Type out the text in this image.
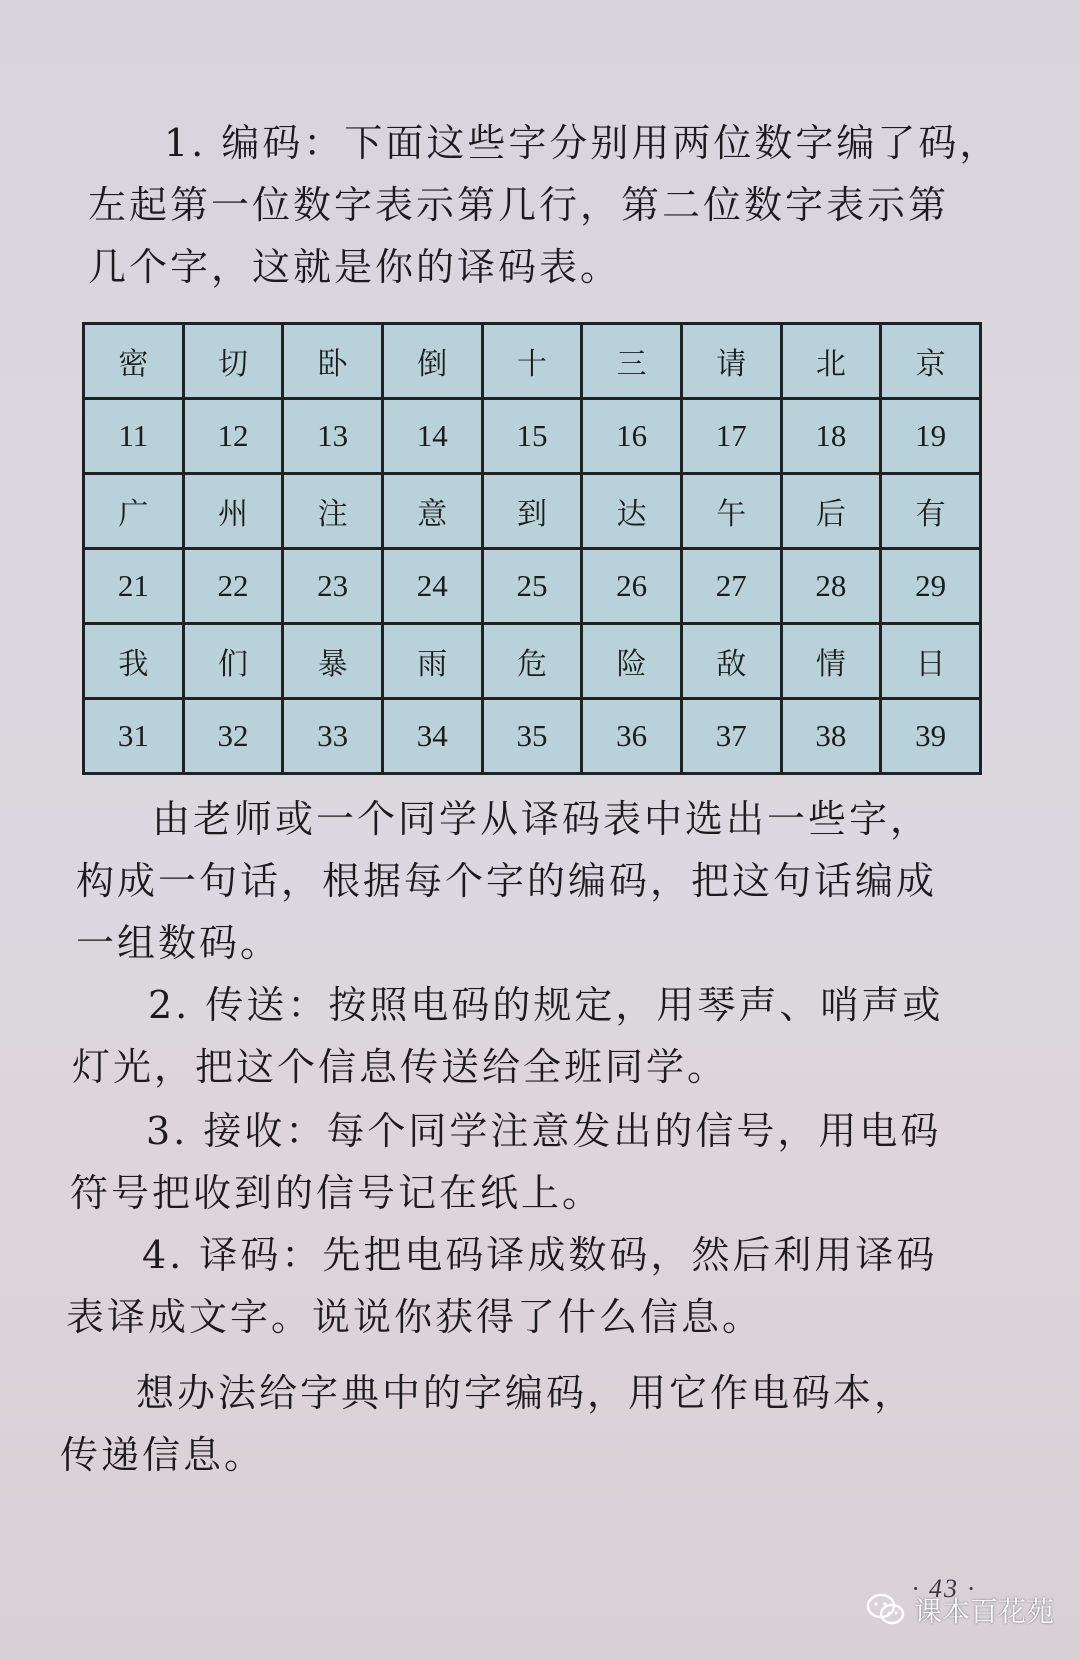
1. 编码：下面这些字分别用两位数字编了码，
左起第一位数字表示第几行，第二位数字表示第
几个字，这就是你的译码表。

密	切	卧	倒	十	三	请	北	京
11	12	13	14	15	16	17	18	19
广	州	注	意	到	达	午	后	有
21	22	23	24	25	26	27	28	29
我	们	暴	雨	危	险	敌	情	日
31	32	33	34	35	36	37	38	39

由老师或一个同学从译码表中选出一些字，
构成一句话，根据每个字的编码，把这句话编成
一组数码。

2. 传送：按照电码的规定，用琴声、哨声或
灯光，把这个信息传送给全班同学。

3. 接收：每个同学注意发出的信号，用电码
符号把收到的信号记在纸上。

4. 译码：先把电码译成数码，然后利用译码
表译成文字。说说你获得了什么信息。

想办法给字典中的字编码，用它作电码本，
传递信息。

· 43 ·
课本百花苑
